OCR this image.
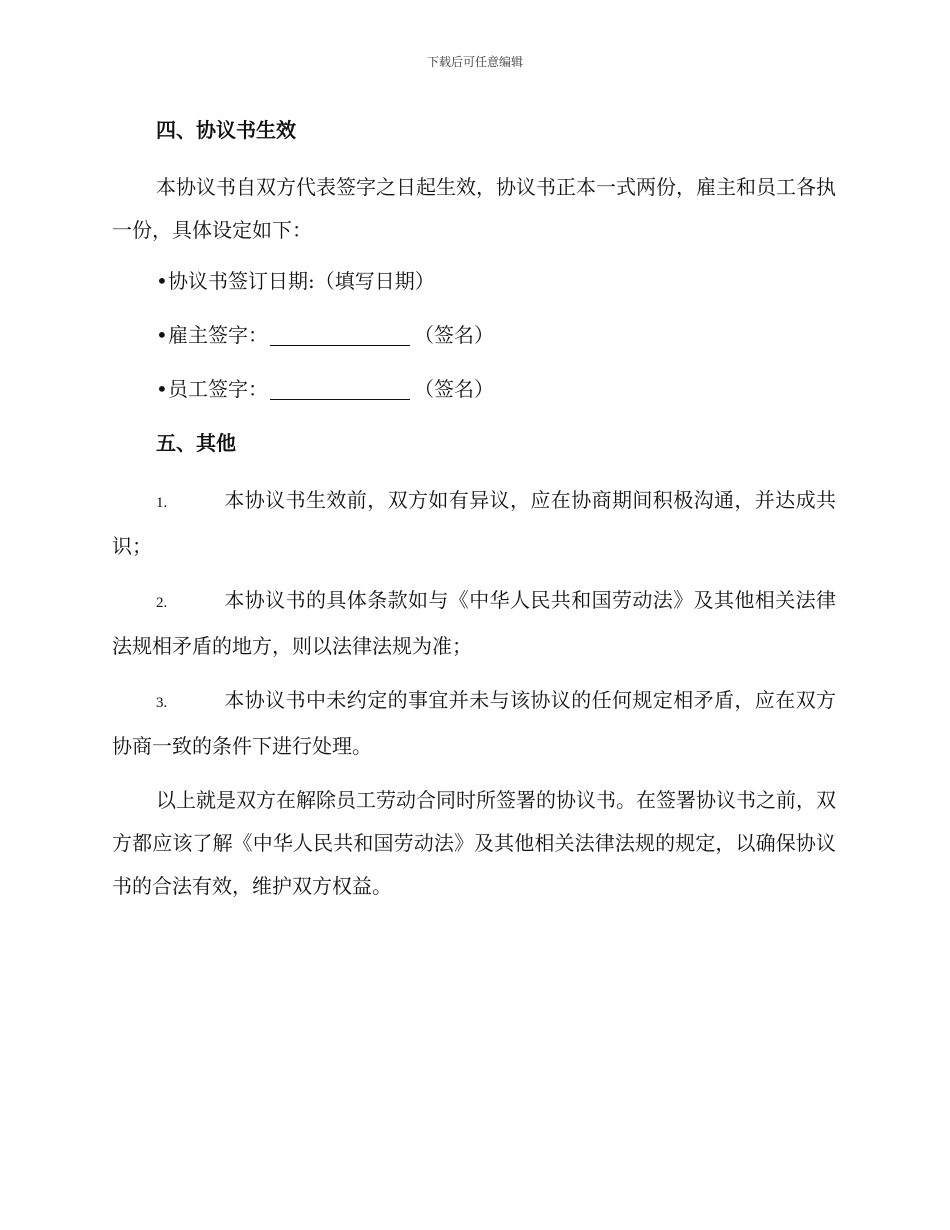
下载后可任意编辑
四、协议书生效

本协议书自双方代表签字之日起生效，协议书正本一式两份，雇主和员工各执一份，具体设定如下：

•协议书签订日期:（填写日期）
•雇主签字：	（签名）
•员工签字：	（签名）
五、其他

1.	本协议书生效前，双方如有异议，应在协商期间积极沟通，并达成共识；

2.	本协议书的具体条款如与《中华人民共和国劳动法》及其他相关法律法规相矛盾的地方，则以法律法规为准；

3.	本协议书中未约定的事宜并未与该协议的任何规定相矛盾，应在双方协商一致的条件下进行处理。

以上就是双方在解除员工劳动合同时所签署的协议书。在签署协议书之前，双方都应该了解《中华人民共和国劳动法》及其他相关法律法规的规定，以确保协议书的合法有效，维护双方权益。
